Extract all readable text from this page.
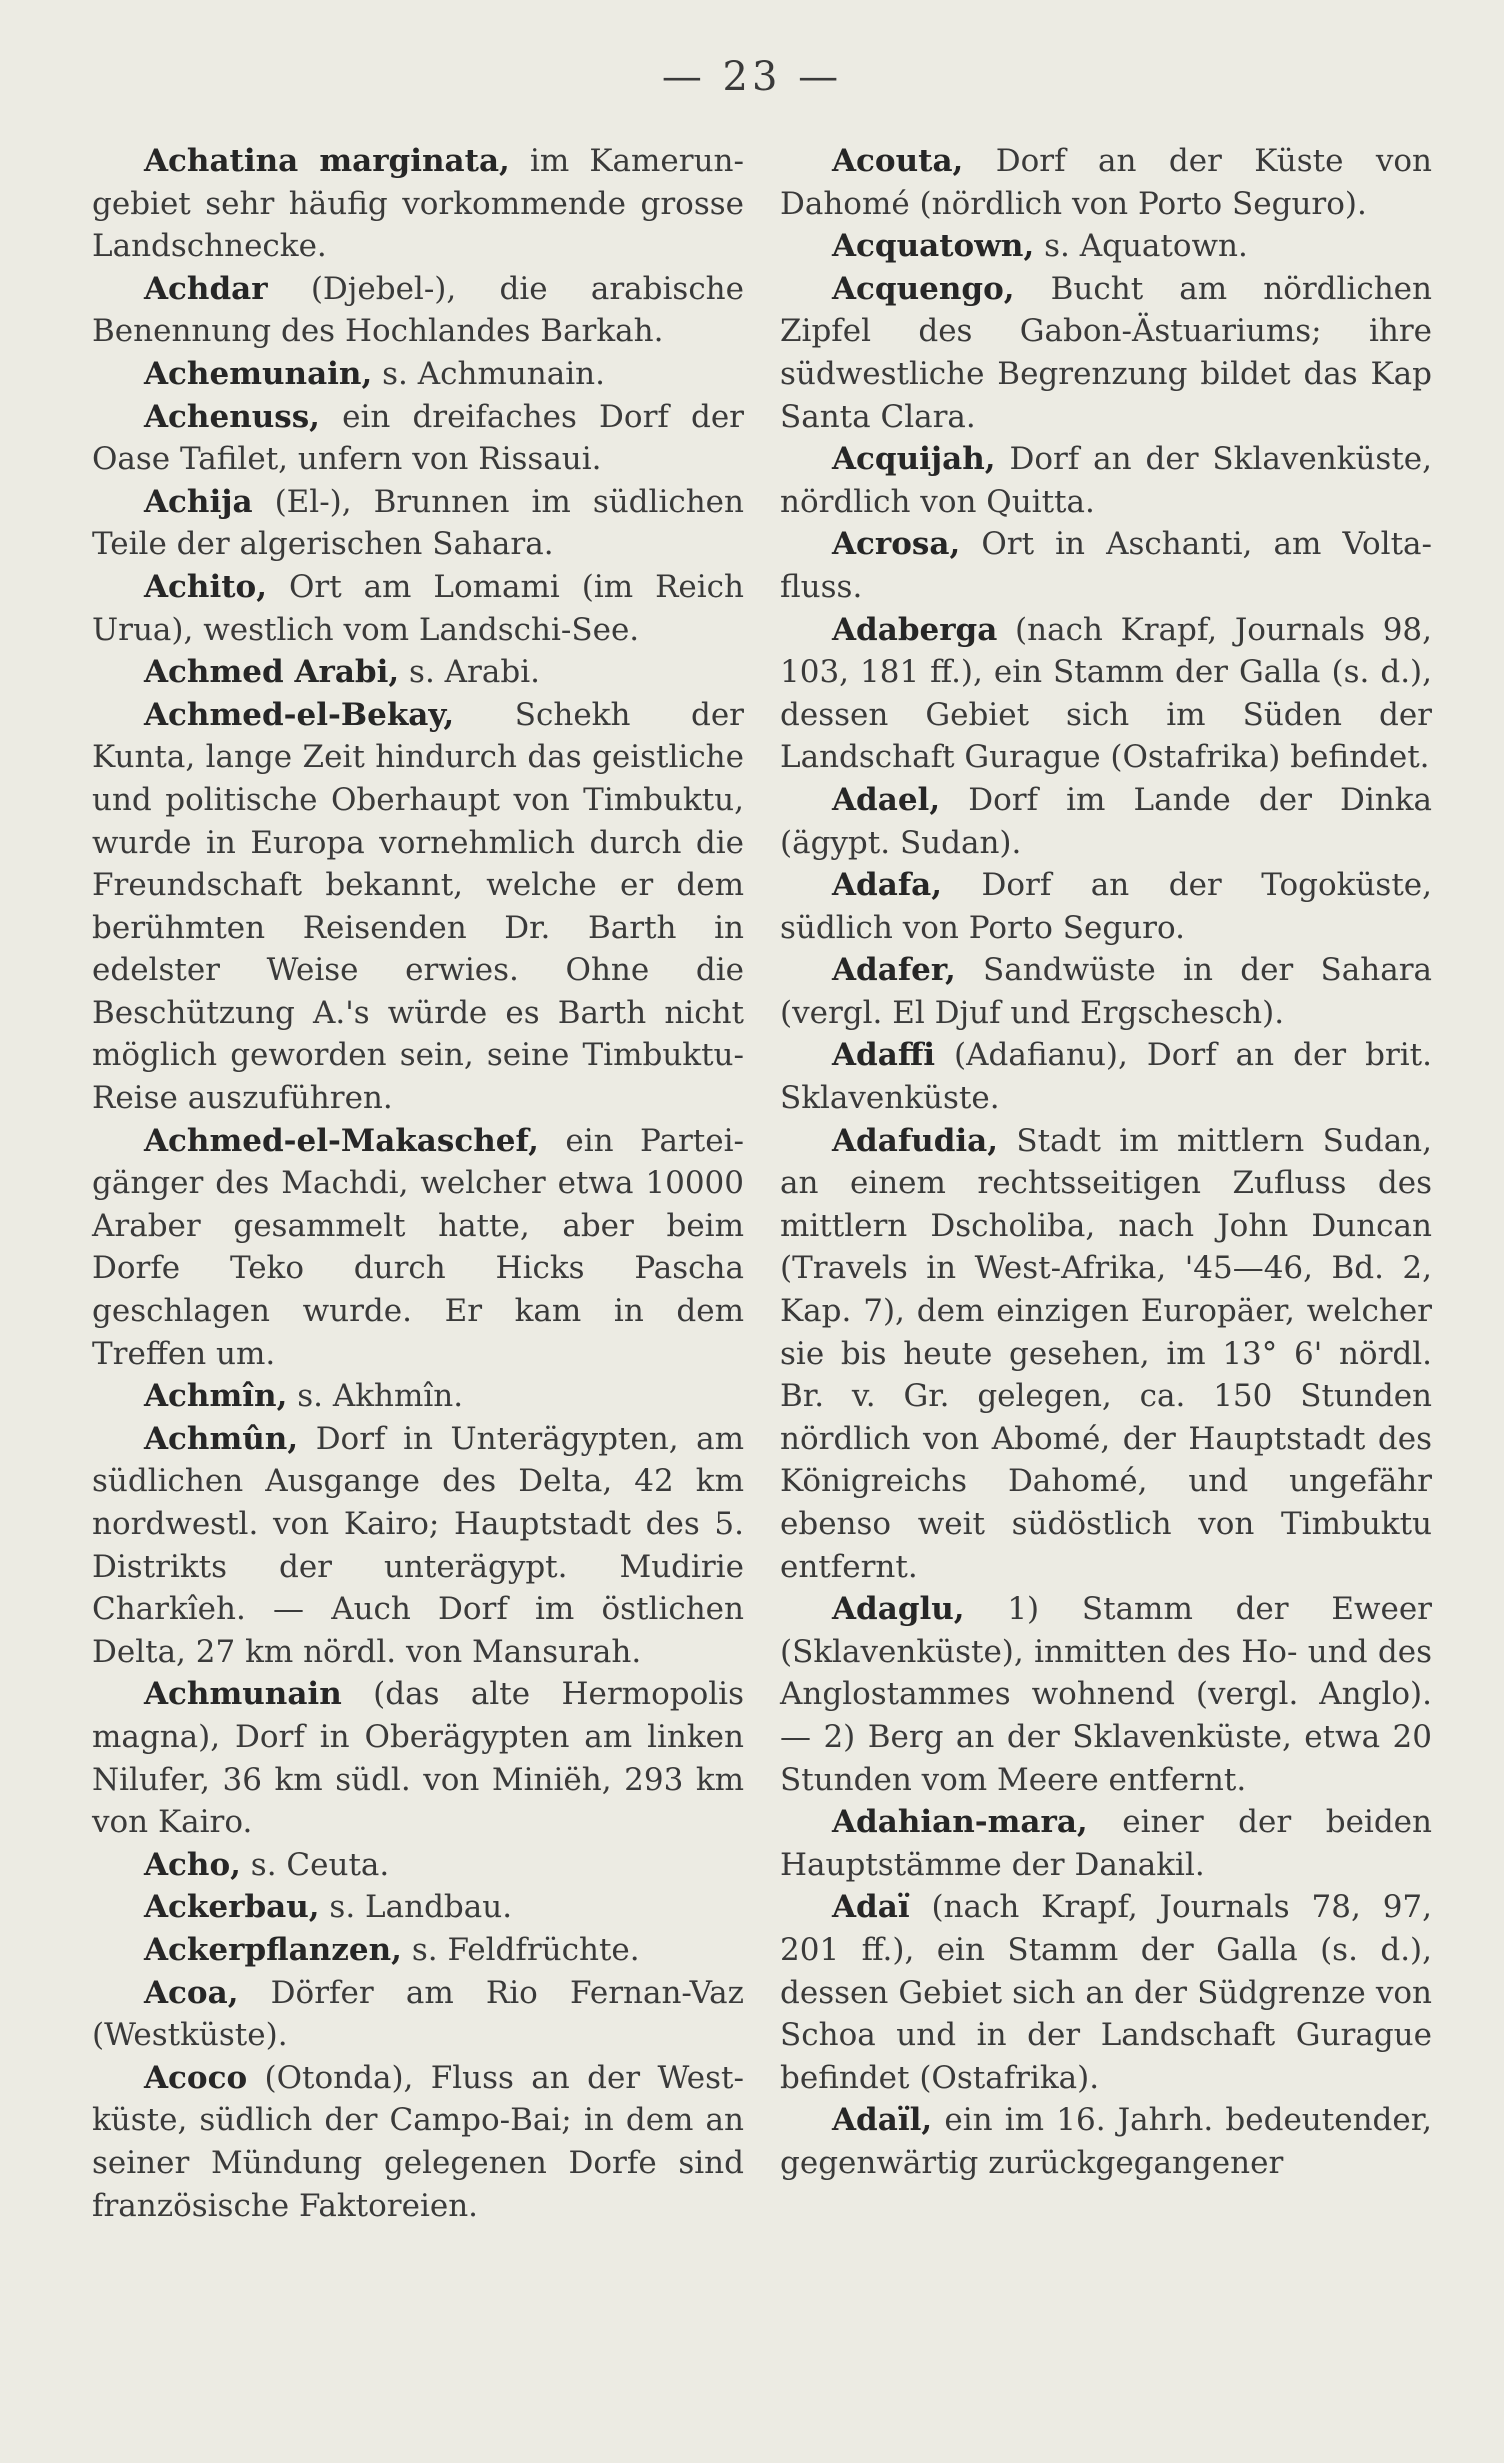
— 23 —

Achatina marginata, im Kamerungebiet sehr häufig vorkommende grosse Landschnecke.

Achdar (Djebel-), die arabische Benennung des Hochlandes Barkah.

Achemunain, s. Achmunain.

Achenuss, ein dreifaches Dorf der Oase Tafilet, unfern von Rissaui.

Achija (El-), Brunnen im südlichen Teile der algerischen Sahara.

Achito, Ort am Lomami (im Reich Urua), westlich vom Landschi-See.

Achmed Arabi, s. Arabi.

Achmed-el-Bekay, Schekh der Kunta, lange Zeit hindurch das geistliche und politische Oberhaupt von Timbuktu, wurde in Europa vornehmlich durch die Freundschaft bekannt, welche er dem berühmten Reisenden Dr. Barth in edelster Weise erwies. Ohne die Beschützung A.'s würde es Barth nicht möglich geworden sein, seine Timbuktu-Reise auszuführen.

Achmed-el-Makaschef, ein Parteigänger des Machdi, welcher etwa 10000 Araber gesammelt hatte, aber beim Dorfe Teko durch Hicks Pascha geschlagen wurde. Er kam in dem Treffen um.

Achmîn, s. Akhmîn.

Achmûn, Dorf in Unterägypten, am südlichen Ausgange des Delta, 42 km nordwestl. von Kairo; Hauptstadt des 5. Distrikts der unterägypt. Mudirie Charkîeh. — Auch Dorf im östlichen Delta, 27 km nördl. von Mansurah.

Achmunain (das alte Hermopolis magna), Dorf in Oberägypten am linken Nilufer, 36 km südl. von Miniëh, 293 km von Kairo.

Acho, s. Ceuta.

Ackerbau, s. Landbau.

Ackerpflanzen, s. Feldfrüchte.

Acoa, Dörfer am Rio Fernan-Vaz (Westküste).

Acoco (Otonda), Fluss an der Westküste, südlich der Campo-Bai; in dem an seiner Mündung gelegenen Dorfe sind französische Faktoreien.

Acouta, Dorf an der Küste von Dahomé (nördlich von Porto Seguro).

Acquatown, s. Aquatown.

Acquengo, Bucht am nördlichen Zipfel des Gabon-Ästuariums; ihre südwestliche Begrenzung bildet das Kap Santa Clara.

Acquijah, Dorf an der Sklavenküste, nördlich von Quitta.

Acrosa, Ort in Aschanti, am Voltafluss.

Adaberga (nach Krapf, Journals 98, 103, 181 ff.), ein Stamm der Galla (s. d.), dessen Gebiet sich im Süden der Landschaft Gurague (Ostafrika) befindet.

Adael, Dorf im Lande der Dinka (ägypt. Sudan).

Adafa, Dorf an der Togoküste, südlich von Porto Seguro.

Adafer, Sandwüste in der Sahara (vergl. El Djuf und Ergschesch).

Adaffi (Adafianu), Dorf an der brit. Sklavenküste.

Adafudia, Stadt im mittlern Sudan, an einem rechtsseitigen Zufluss des mittlern Dscholiba, nach John Duncan (Travels in West-Afrika, '45—46, Bd. 2, Kap. 7), dem einzigen Europäer, welcher sie bis heute gesehen, im 13° 6' nördl. Br. v. Gr. gelegen, ca. 150 Stunden nördlich von Abomé, der Hauptstadt des Königreichs Dahomé, und ungefähr ebenso weit südöstlich von Timbuktu entfernt.

Adaglu, 1) Stamm der Eweer (Sklavenküste), inmitten des Ho- und des Anglostammes wohnend (vergl. Anglo). — 2) Berg an der Sklavenküste, etwa 20 Stunden vom Meere entfernt.

Adahian-mara, einer der beiden Hauptstämme der Danakil.

Adaï (nach Krapf, Journals 78, 97, 201 ff.), ein Stamm der Galla (s. d.), dessen Gebiet sich an der Südgrenze von Schoa und in der Landschaft Gurague befindet (Ostafrika).

Adaïl, ein im 16. Jahrh. bedeutender, gegenwärtig zurückgegangener
